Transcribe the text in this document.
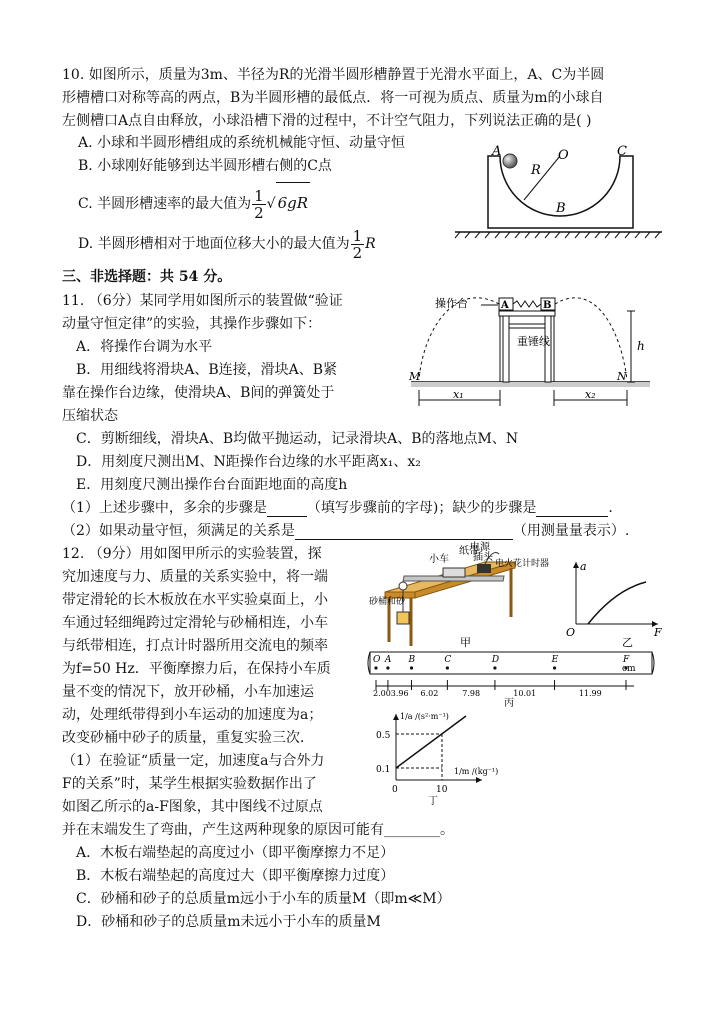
10. 如图所示，质量为3m、半径为R的光滑半圆形槽静置于光滑水平面上，A、C为半圆
形槽槽口对称等高的两点，B为半圆形槽的最低点．将一可视为质点、质量为m的小球自
左侧槽口A点自由释放，小球沿槽下滑的过程中，不计空气阻力，下列说法正确的是( )
A. 小球和半圆形槽组成的系统机械能守恒、动量守恒
B. 小球刚好能够到达半圆形槽右侧的C点
C. 半圆形槽速率的最大值为 $\frac{1}{2}$ √ 6gR
D. 半圆形槽相对于地面位移大小的最大值为 $\frac{1}{2}$ R
A	O	C
R
B
三、非选择题：共 54 分。
11. （6分）某同学用如图所示的装置做“验证
动量守恒定律”的实验，其操作步骤如下：
A．将操作台调为水平
B．用细线将滑块A、B连接，滑块A、B紧
靠在操作台边缘，使滑块A、B间的弹簧处于
压缩状态
C．剪断细线，滑块A、B均做平抛运动，记录滑块A、B的落地点M、N
D．用刻度尺测出M、N距操作台边缘的水平距离x₁、x₂
E．用刻度尺测出操作台台面距地面的高度h
（1）上述步骤中，多余的步骤是	（填写步骤前的字母)；缺少的步骤是	.
（2）如果动量守恒，须满足的关系是	（用测量量表示）.
操作台	A	B
重锤线	h
M	N
x₁	x₂
12. （9分）用如图甲所示的实验装置，探
究加速度与力、质量的关系实验中，将一端
带定滑轮的长木板放在水平实验桌面上，小
车通过轻细绳跨过定滑轮与砂桶相连，小车
与纸带相连，打点计时器所用交流电的频率
为f=50 Hz．平衡摩擦力后，在保持小车质
量不变的情况下，放开砂桶，小车加速运
动，处理纸带得到小车运动的加速度为a；
改变砂桶中砂子的质量，重复实验三次．
（1）在验证“质量一定，加速度a与合外力
F的关系”时，某学生根据实验数据作出了
如图乙所示的a-F图象，其中图线不过原点
并在末端发生了弯曲，产生这两种现象的原因可能有________。
A．木板右端垫起的高度过小（即平衡摩擦力不足）
B．木板右端垫起的高度过大（即平衡摩擦力过度）
C．砂桶和砂子的总质量m远小于小车的质量M（即m≪M）
D．砂桶和砂子的总质量m未远小于小车的质量M
电源
插头
纸带
电火花计时器
小车
砂桶和砂
甲
a
O	F
乙
O A B	C	D	E	F
2.00 3.96 6.02	7.98	10.01	11.99
cm
丙
1/a /(s²·m⁻¹)
1/m /(kg⁻¹)
0.5
0.1
0	10
丁
